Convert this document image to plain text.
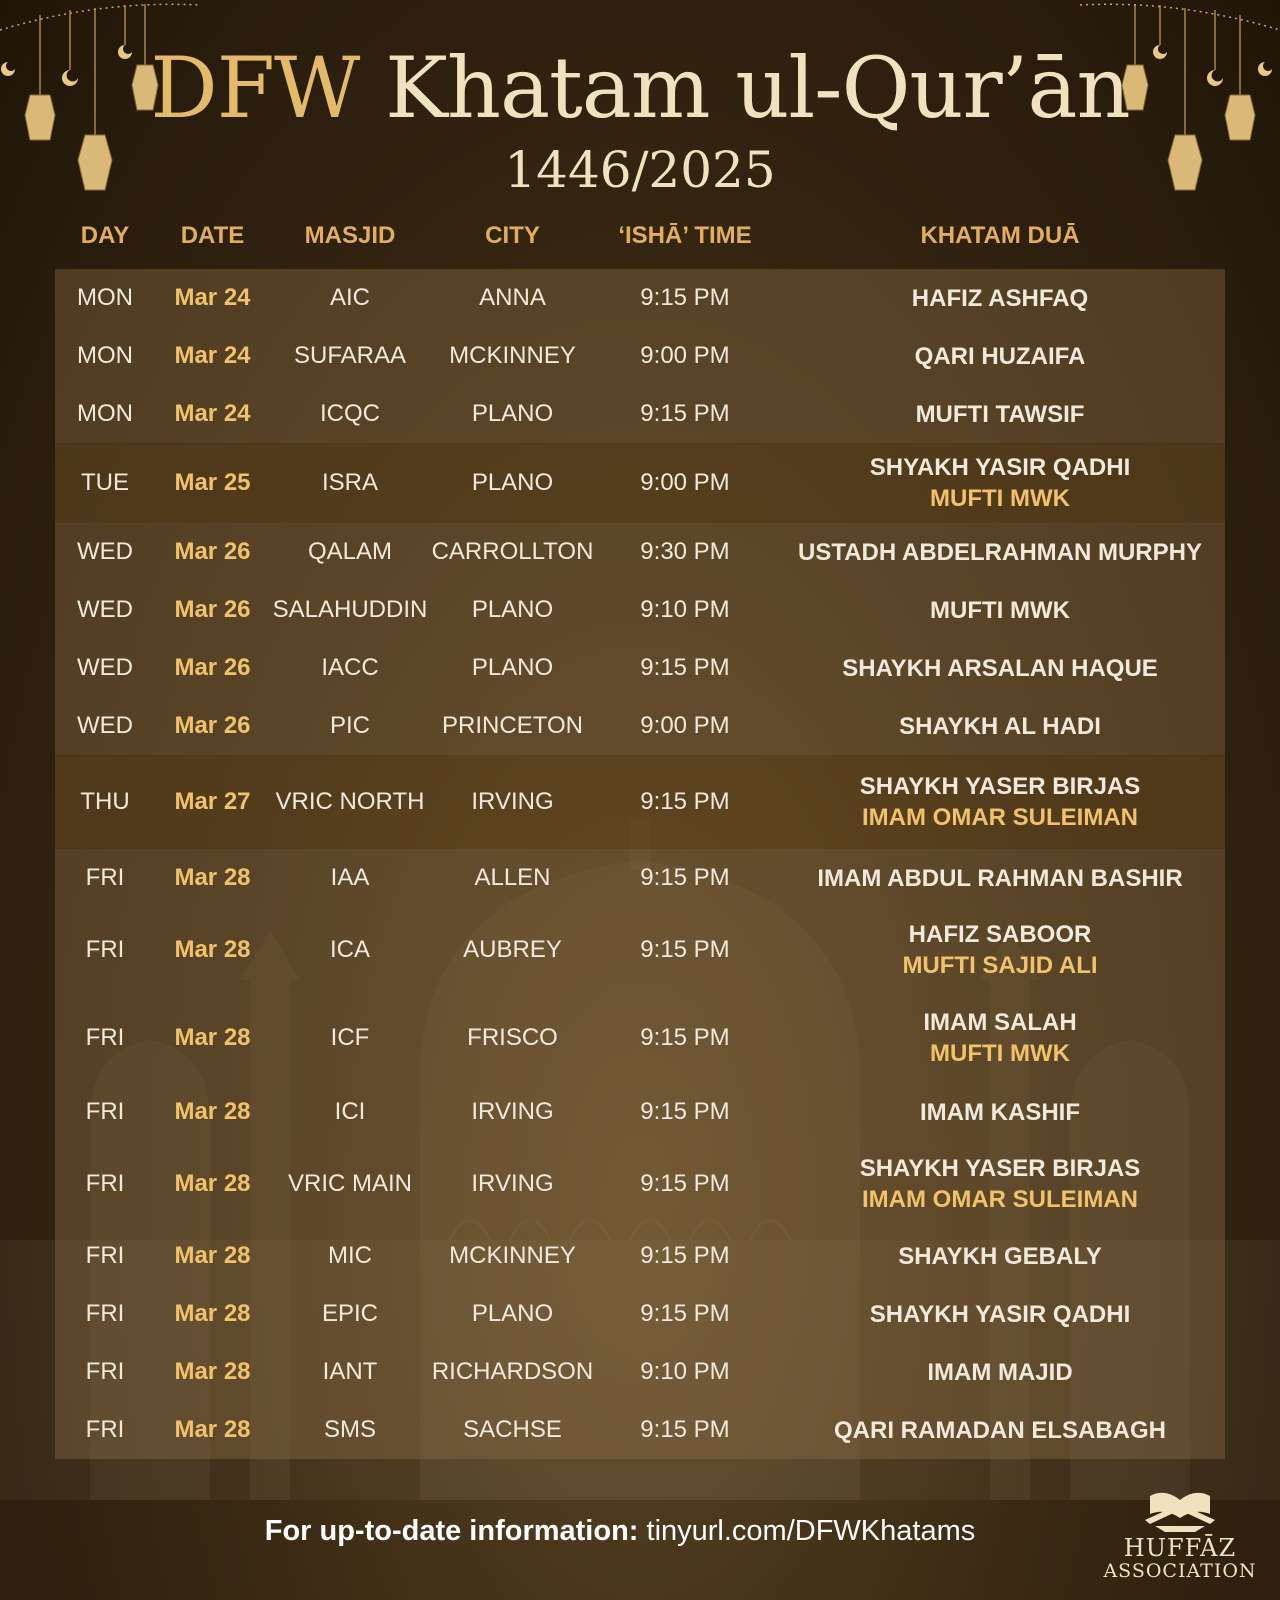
DFW Khatam ul-Qur’ān
1446/2025
DAY	DATE	MASJID	CITY	‘ISHĀ’ TIME	KHATAM DUĀ
MON	Mar 24	AIC	ANNA	9:15 PM	HAFIZ ASHFAQ
MON	Mar 24	SUFARAA	MCKINNEY	9:00 PM	QARI HUZAIFA
MON	Mar 24	ICQC	PLANO	9:15 PM	MUFTI TAWSIF
TUE	Mar 25	ISRA	PLANO	9:00 PM
SHYAKH YASIR QADHI
MUFTI MWK
WED	Mar 26	QALAM	CARROLLTON	9:30 PM	USTADH ABDELRAHMAN MURPHY
WED	Mar 26 SALAHUDDIN	PLANO	9:10 PM	MUFTI MWK
WED	Mar 26	IACC	PLANO	9:15 PM	SHAYKH ARSALAN HAQUE
WED	Mar 26	PIC	PRINCETON	9:00 PM	SHAYKH AL HADI
THU	Mar 27	VRIC NORTH	IRVING	9:15 PM
SHAYKH YASER BIRJAS
IMAM OMAR SULEIMAN
FRI	Mar 28	IAA	ALLEN	9:15 PM	IMAM ABDUL RAHMAN BASHIR
FRI	Mar 28	ICA	AUBREY	9:15 PM
HAFIZ SABOOR
MUFTI SAJID ALI
FRI	Mar 28	ICF	FRISCO	9:15 PM
IMAM SALAH
MUFTI MWK
FRI	Mar 28	ICI	IRVING	9:15 PM	IMAM KASHIF
FRI	Mar 28	VRIC MAIN	IRVING	9:15 PM
SHAYKH YASER BIRJAS
IMAM OMAR SULEIMAN
FRI	Mar 28	MIC	MCKINNEY	9:15 PM	SHAYKH GEBALY
FRI	Mar 28	EPIC	PLANO	9:15 PM	SHAYKH YASIR QADHI
FRI	Mar 28	IANT	RICHARDSON	9:10 PM	IMAM MAJID
FRI	Mar 28	SMS	SACHSE	9:15 PM	QARI RAMADAN ELSABAGH
For up-to-date information: tinyurl.com/DFWKhatams
HUFFĀZ
ASSOCIATION
